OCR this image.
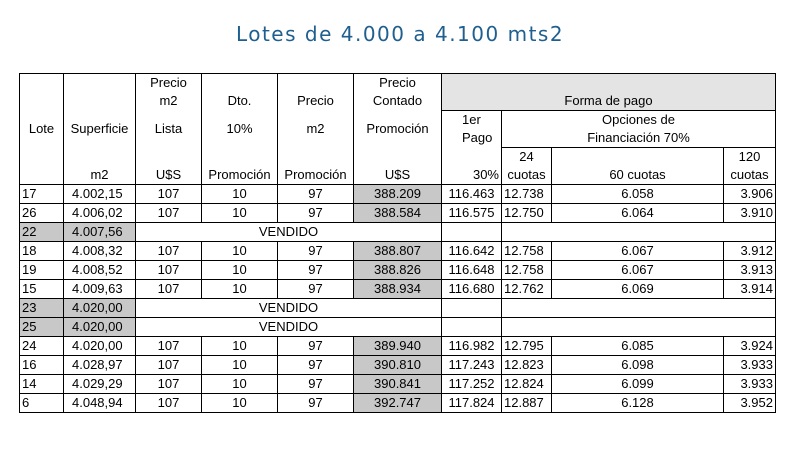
Lotes de 4.000 a 4.100 mts2
		Precio			Precio	Forma de pago			
		m2	Dto.	Precio	Contado				
Lote	Superficie	Lista	10%	m2	Promoción	1er	Opciones de		
						Pago	Financiación 70%		
							24		120
	m2	U$S	Promoción	Promoción	U$S	30%	cuotas	60 cuotas	cuotas
17	4.002,15	107	10	97	388.209	116.463	12.738	6.058	3.906
26	4.006,02	107	10	97	388.584	116.575	12.750	6.064	3.910
22	4.007,56	VENDIDO							
18	4.008,32	107	10	97	388.807	116.642	12.758	6.067	3.912
19	4.008,52	107	10	97	388.826	116.648	12.758	6.067	3.913
15	4.009,63	107	10	97	388.934	116.680	12.762	6.069	3.914
23	4.020,00	VENDIDO							
25	4.020,00	VENDIDO							
24	4.020,00	107	10	97	389.940	116.982	12.795	6.085	3.924
16	4.028,97	107	10	97	390.810	117.243	12.823	6.098	3.933
14	4.029,29	107	10	97	390.841	117.252	12.824	6.099	3.933
6	4.048,94	107	10	97	392.747	117.824	12.887	6.128	3.952
